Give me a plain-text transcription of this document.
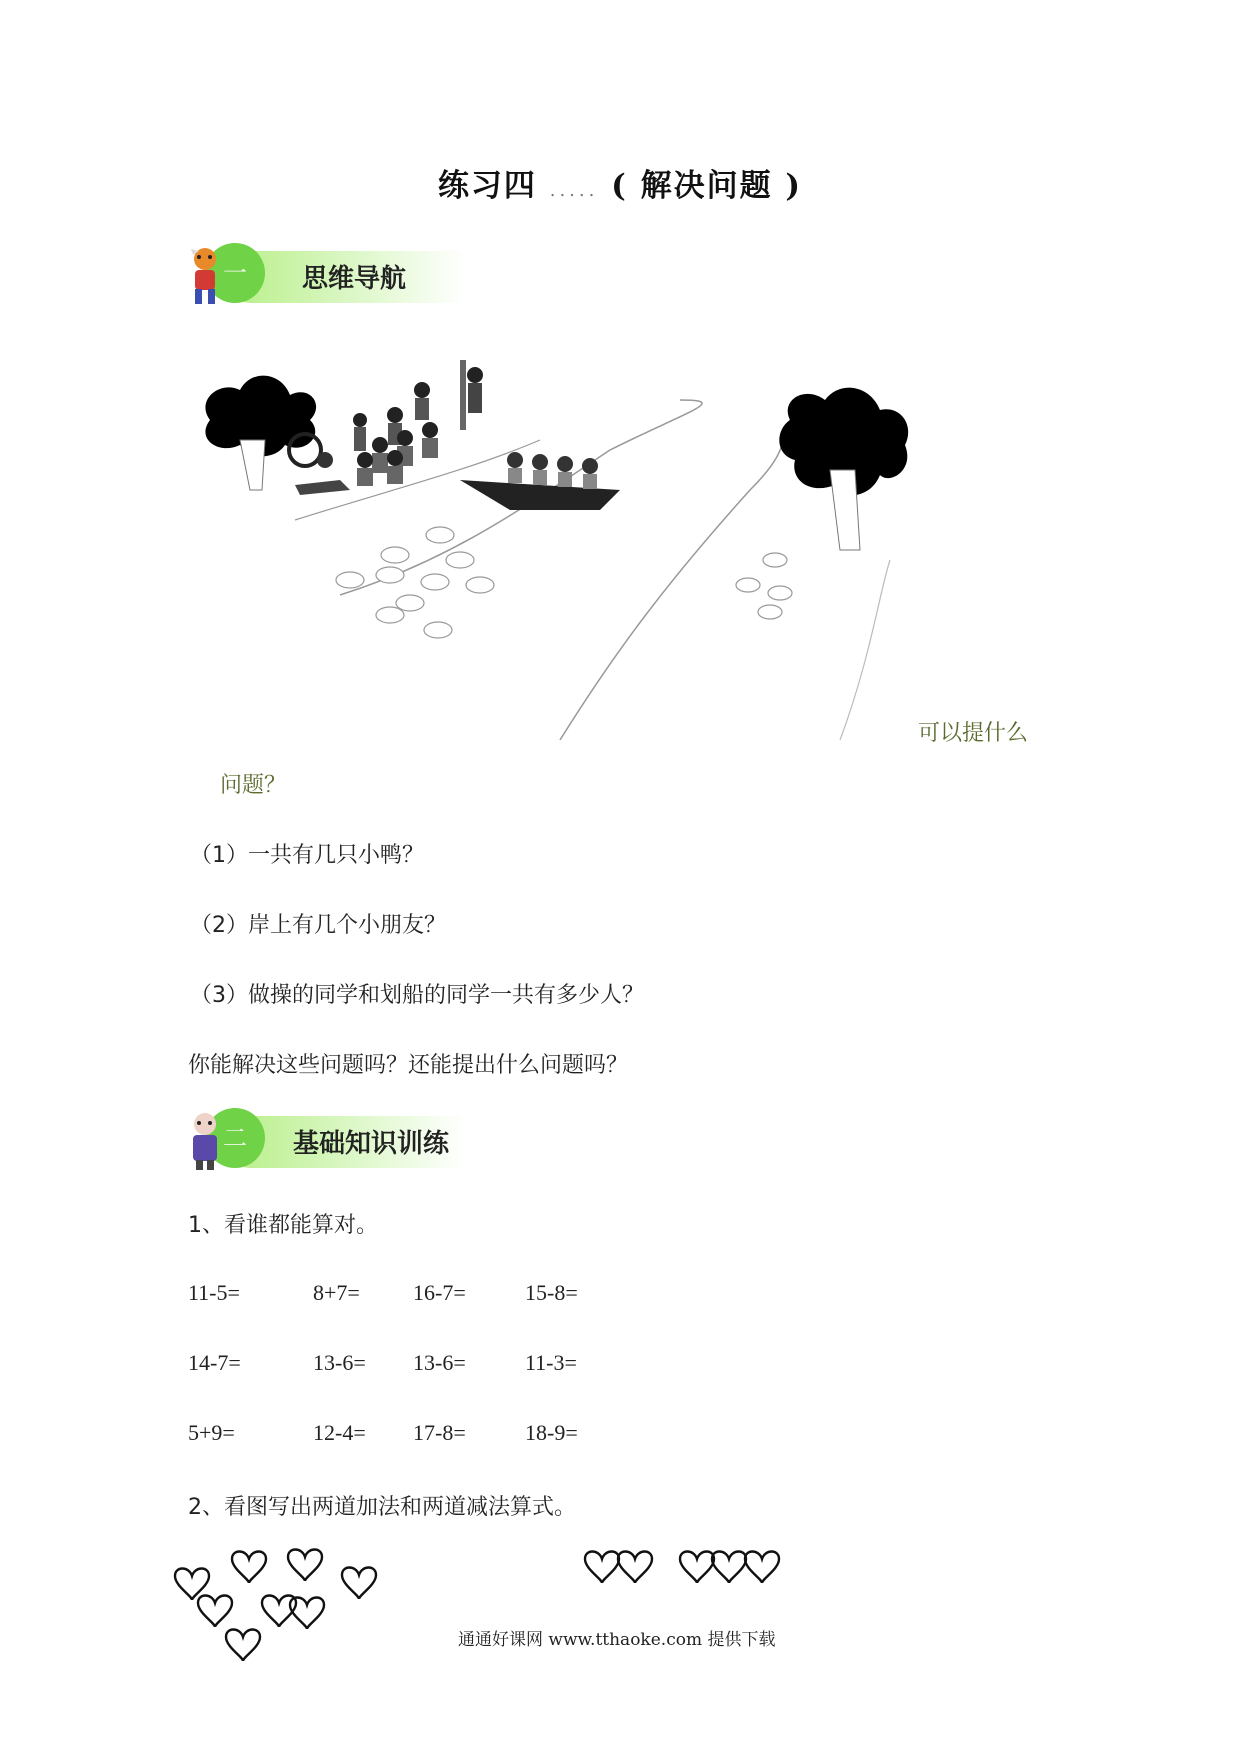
练习四 ..... ( 解决问题 )
一	思维导航
可以提什么
问题？
（1）一共有几只小鸭？
（2）岸上有几个小朋友？
（3）做操的同学和划船的同学一共有多少人？
你能解决这些问题吗？还能提出什么问题吗？
二	基础知识训练
1、看谁都能算对。
11-5=	8+7= 16-7=	15-8=
14-7=	13-6= 13-6=	11-3=
5+9=	12-4= 17-8=	18-9=
2、看图写出两道加法和两道减法算式。
通通好课网 www.tthaoke.com 提供下载
